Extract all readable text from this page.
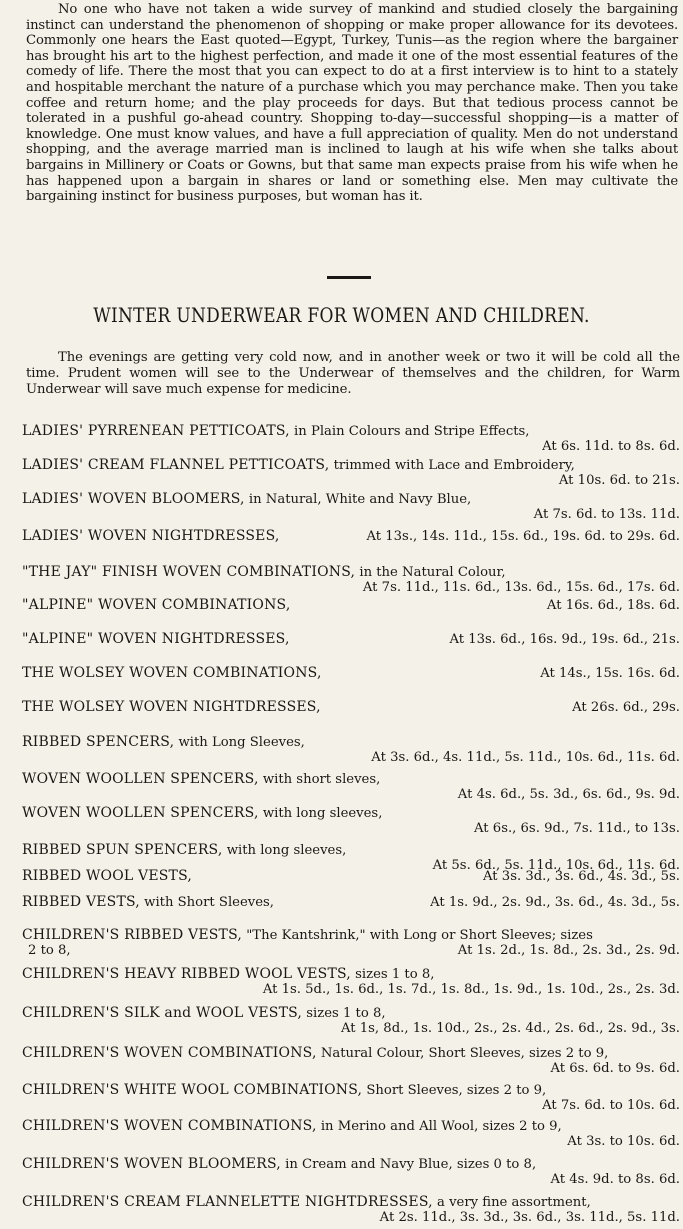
No one who have not taken a wide survey of mankind and studied closely the bargaining instinct can understand the phenomenon of shopping or make proper allowance for its devotees. Commonly one hears the East quoted—Egypt, Turkey, Tunis—as the region where the bargainer has brought his art to the highest perfection, and made it one of the most essential features of the comedy of life. There the most that you can expect to do at a first interview is to hint to a stately and hospitable merchant the nature of a purchase which you may perchance make. Then you take coffee and return home; and the play proceeds for days. But that tedious process cannot be tolerated in a pushful go-ahead country. Shopping to-day—successful shopping—is a matter of knowledge. One must know values, and have a full appreciation of quality. Men do not understand shopping, and the average married man is inclined to laugh at his wife when she talks about bargains in Millinery or Coats or Gowns, but that same man expects praise from his wife when he has happened upon a bargain in shares or land or something else. Men may cultivate the bargaining instinct for business purposes, but woman has it.

WINTER UNDERWEAR FOR WOMEN AND CHILDREN.

The evenings are getting very cold now, and in another week or two it will be cold all the time. Prudent women will see to the Underwear of themselves and the children, for Warm Underwear will save much expense for medicine.

LADIES' PYRRENEAN PETTICOATS, in Plain Colours and Stripe Effects,
At 6s. 11d. to 8s. 6d.
LADIES' CREAM FLANNEL PETTICOATS, trimmed with Lace and Embroidery,
At 10s. 6d. to 21s.
LADIES' WOVEN BLOOMERS, in Natural, White and Navy Blue,
At 7s. 6d. to 13s. 11d.
LADIES' WOVEN NIGHTDRESSES,	At 13s., 14s. 11d., 15s. 6d., 19s. 6d. to 29s. 6d.
"THE JAY" FINISH WOVEN COMBINATIONS, in the Natural Colour,
At 7s. 11d., 11s. 6d., 13s. 6d., 15s. 6d., 17s. 6d.
"ALPINE" WOVEN COMBINATIONS,	At 16s. 6d., 18s. 6d.
"ALPINE" WOVEN NIGHTDRESSES,	At 13s. 6d., 16s. 9d., 19s. 6d., 21s.
THE WOLSEY WOVEN COMBINATIONS,	At 14s., 15s. 16s. 6d.
THE WOLSEY WOVEN NIGHTDRESSES,	At 26s. 6d., 29s.
RIBBED SPENCERS, with Long Sleeves,
At 3s. 6d., 4s. 11d., 5s. 11d., 10s. 6d., 11s. 6d.
WOVEN WOOLLEN SPENCERS, with short sleves,
At 4s. 6d., 5s. 3d., 6s. 6d., 9s. 9d.
WOVEN WOOLLEN SPENCERS, with long sleeves,
At 6s., 6s. 9d., 7s. 11d., to 13s.
RIBBED SPUN SPENCERS, with long sleeves,
At 5s. 6d., 5s. 11d., 10s. 6d., 11s. 6d.
RIBBED WOOL VESTS,	At 3s. 3d., 3s. 6d., 4s. 3d., 5s.
RIBBED VESTS, with Short Sleeves,	At 1s. 9d., 2s. 9d., 3s. 6d., 4s. 3d., 5s.
CHILDREN'S RIBBED VESTS, "The Kantshrink," with Long or Short Sleeves; sizes
2 to 8,	At 1s. 2d., 1s. 8d., 2s. 3d., 2s. 9d.
CHILDREN'S HEAVY RIBBED WOOL VESTS, sizes 1 to 8,
At 1s. 5d., 1s. 6d., 1s. 7d., 1s. 8d., 1s. 9d., 1s. 10d., 2s., 2s. 3d.
CHILDREN'S SILK and WOOL VESTS, sizes 1 to 8,
At 1s, 8d., 1s. 10d., 2s., 2s. 4d., 2s. 6d., 2s. 9d., 3s.
CHILDREN'S WOVEN COMBINATIONS, Natural Colour, Short Sleeves, sizes 2 to 9,
At 6s. 6d. to 9s. 6d.
CHILDREN'S WHITE WOOL COMBINATIONS, Short Sleeves, sizes 2 to 9,
At 7s. 6d. to 10s. 6d.
CHILDREN'S WOVEN COMBINATIONS, in Merino and All Wool, sizes 2 to 9,
At 3s. to 10s. 6d.
CHILDREN'S WOVEN BLOOMERS, in Cream and Navy Blue, sizes 0 to 8,
At 4s. 9d. to 8s. 6d.
CHILDREN'S CREAM FLANNELETTE NIGHTDRESSES, a very fine assortment,
At 2s. 11d., 3s. 3d., 3s. 6d., 3s. 11d., 5s. 11d.
